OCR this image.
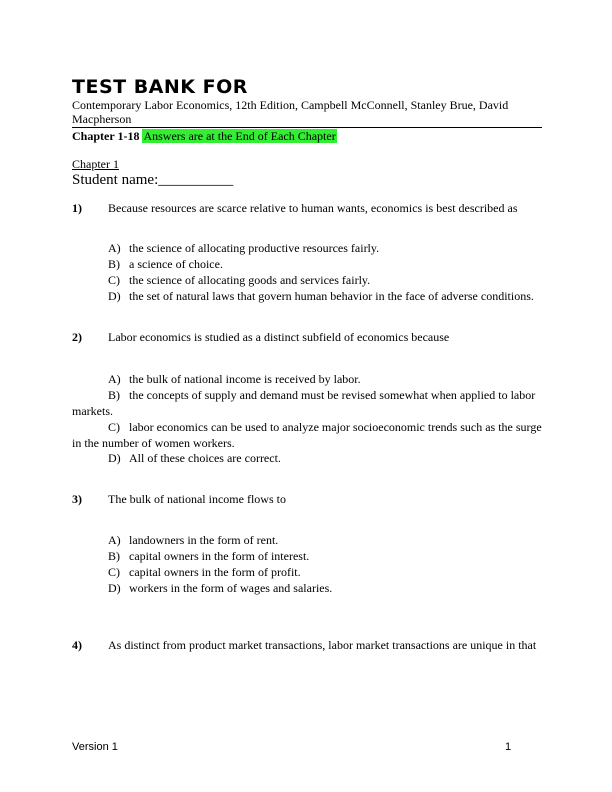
TEST BANK FOR
Contemporary Labor Economics, 12th Edition, Campbell McConnell, Stanley Brue, David Macpherson
Chapter 1-18 Answers are at the End of Each Chapter
Chapter 1
Student name:__________
1) Because resources are scarce relative to human wants, economics is best described as
A) the science of allocating productive resources fairly.
B) a science of choice.
C) the science of allocating goods and services fairly.
D) the set of natural laws that govern human behavior in the face of adverse conditions.
2) Labor economics is studied as a distinct subfield of economics because
A) the bulk of national income is received by labor.
B) the concepts of supply and demand must be revised somewhat when applied to labor markets.
C) labor economics can be used to analyze major socioeconomic trends such as the surge in the number of women workers.
D) All of these choices are correct.
3) The bulk of national income flows to
A) landowners in the form of rent.
B) capital owners in the form of interest.
C) capital owners in the form of profit.
D) workers in the form of wages and salaries.
4) As distinct from product market transactions, labor market transactions are unique in that
Version 1	1
